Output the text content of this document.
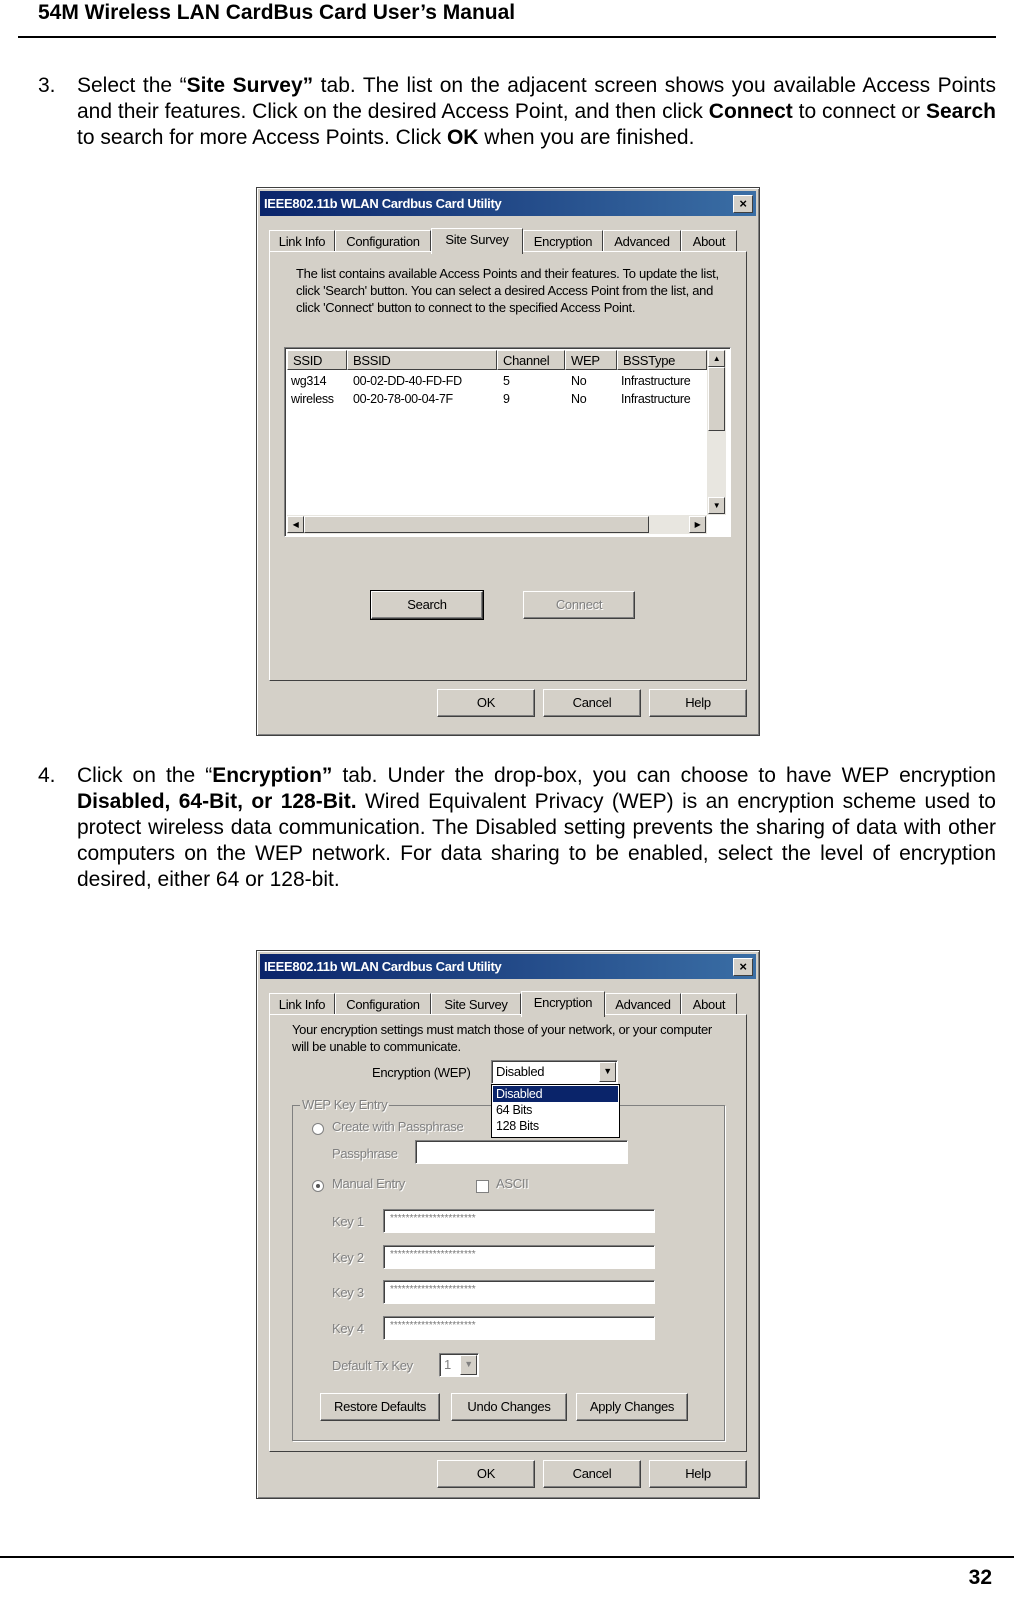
54M Wireless LAN CardBus Card User’s Manual
3. Select the “Site Survey” tab. The list on the adjacent screen shows you available Access Points and their features. Click on the desired Access Point, and then click Connect to connect or Search to search for more Access Points. Click OK when you are finished.
IEEE802.11b WLAN Cardbus Card Utility	×
Link Info	Configuration	Site Survey	Encryption	Advanced	About
The list contains available Access Points and their features. To update the list, click 'Search' button. You can select a desired Access Point from the list, and click 'Connect' button to connect to the specified Access Point.
SSID	BSSID	Channel	WEP	BSSType
wg314 00-02-DD-40-FD-FD	5	No	Infrastructure
wireless 00-20-78-00-04-7F	9	No	Infrastructure
▲
▼
◀	▶
Search	Connect
OK	Cancel	Help
4. Click on the “Encryption” tab. Under the drop-box, you can choose to have WEP encryption Disabled, 64-Bit, or 128-Bit. Wired Equivalent Privacy (WEP) is an encryption scheme used to protect wireless data communication. The Disabled setting prevents the sharing of data with other computers on the WEP network. For data sharing to be enabled, select the level of encryption desired, either 64 or 128-bit.
IEEE802.11b WLAN Cardbus Card Utility	×
Link Info	Configuration	Site Survey	Encryption	Advanced	About
Your encryption settings must match those of your network, or your computer will be unable to communicate.
Encryption (WEP) Disabled	▼
WEP Key Entry
Create with Passphrase
Passphrase
Manual Entry	ASCII
Key 1	**********************
Key 2	**********************
Key 3	**********************
Key 4	**********************
Default Tx Key 1	▼
Restore Defaults	Undo Changes	Apply Changes
Disabled
64 Bits
128 Bits
OK	Cancel	Help
32
